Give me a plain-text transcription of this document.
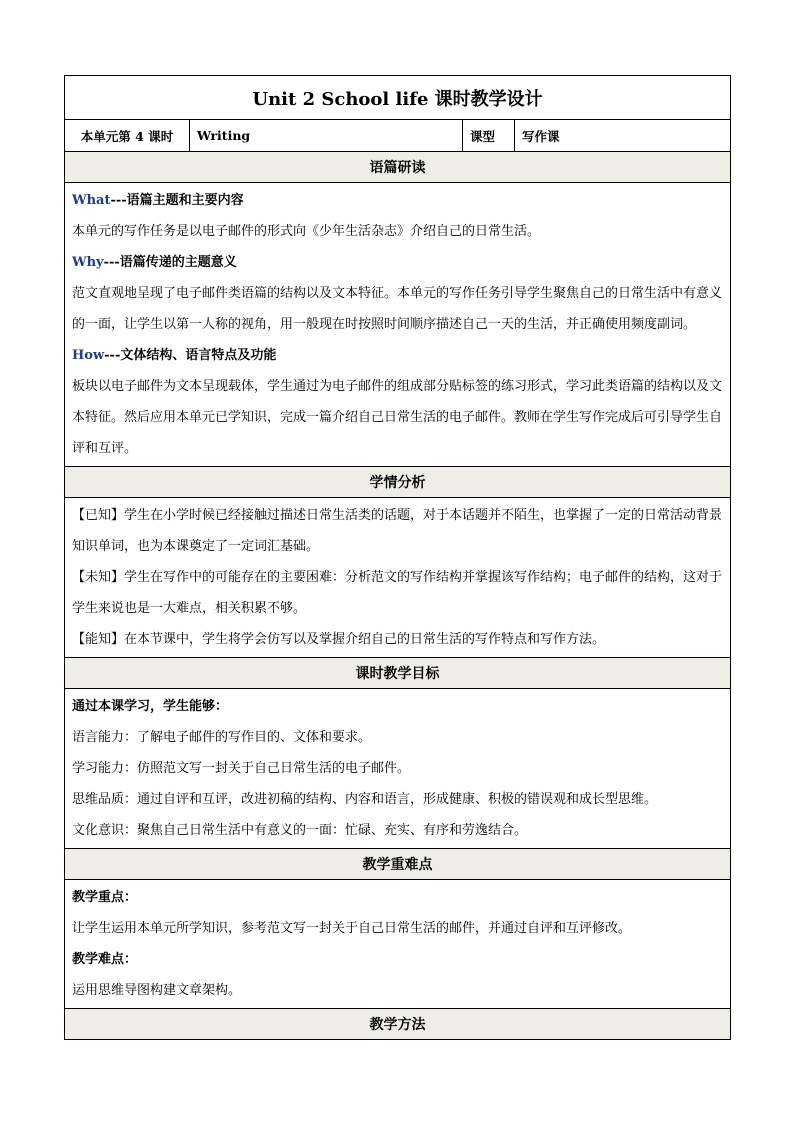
Unit 2 School life 课时教学设计
本单元第 4 课时	Writing	课型	写作课
语篇研读

What---语篇主题和主要内容

本单元的写作任务是以电子邮件的形式向《少年生活杂志》介绍自己的日常生活。

Why---语篇传递的主题意义

范文直观地呈现了电子邮件类语篇的结构以及文本特征。本单元的写作任务引导学生聚焦自己的日常生活中有意义的一面，让学生以第一人称的视角，用一般现在时按照时间顺序描述自己一天的生活，并正确使用频度副词。

How---文体结构、语言特点及功能

板块以电子邮件为文本呈现载体，学生通过为电子邮件的组成部分贴标签的练习形式，学习此类语篇的结构以及文本特征。然后应用本单元已学知识，完成一篇介绍自己日常生活的电子邮件。教师在学生写作完成后可引导学生自评和互评。

学情分析

【已知】学生在小学时候已经接触过描述日常生活类的话题，对于本话题并不陌生，也掌握了一定的日常活动背景知识单词，也为本课奠定了一定词汇基础。

【未知】学生在写作中的可能存在的主要困难：分析范文的写作结构并掌握该写作结构；电子邮件的结构，这对于学生来说也是一大难点，相关积累不够。

【能知】在本节课中，学生将学会仿写以及掌握介绍自己的日常生活的写作特点和写作方法。

课时教学目标

通过本课学习，学生能够：

语言能力：了解电子邮件的写作目的、文体和要求。

学习能力：仿照范文写一封关于自己日常生活的电子邮件。

思维品质：通过自评和互评，改进初稿的结构、内容和语言，形成健康、积极的错误观和成长型思维。

文化意识：聚焦自己日常生活中有意义的一面：忙碌、充实、有序和劳逸结合。

教学重难点

教学重点：

让学生运用本单元所学知识，参考范文写一封关于自己日常生活的邮件，并通过自评和互评修改。

教学难点：

运用思维导图构建文章架构。

教学方法
